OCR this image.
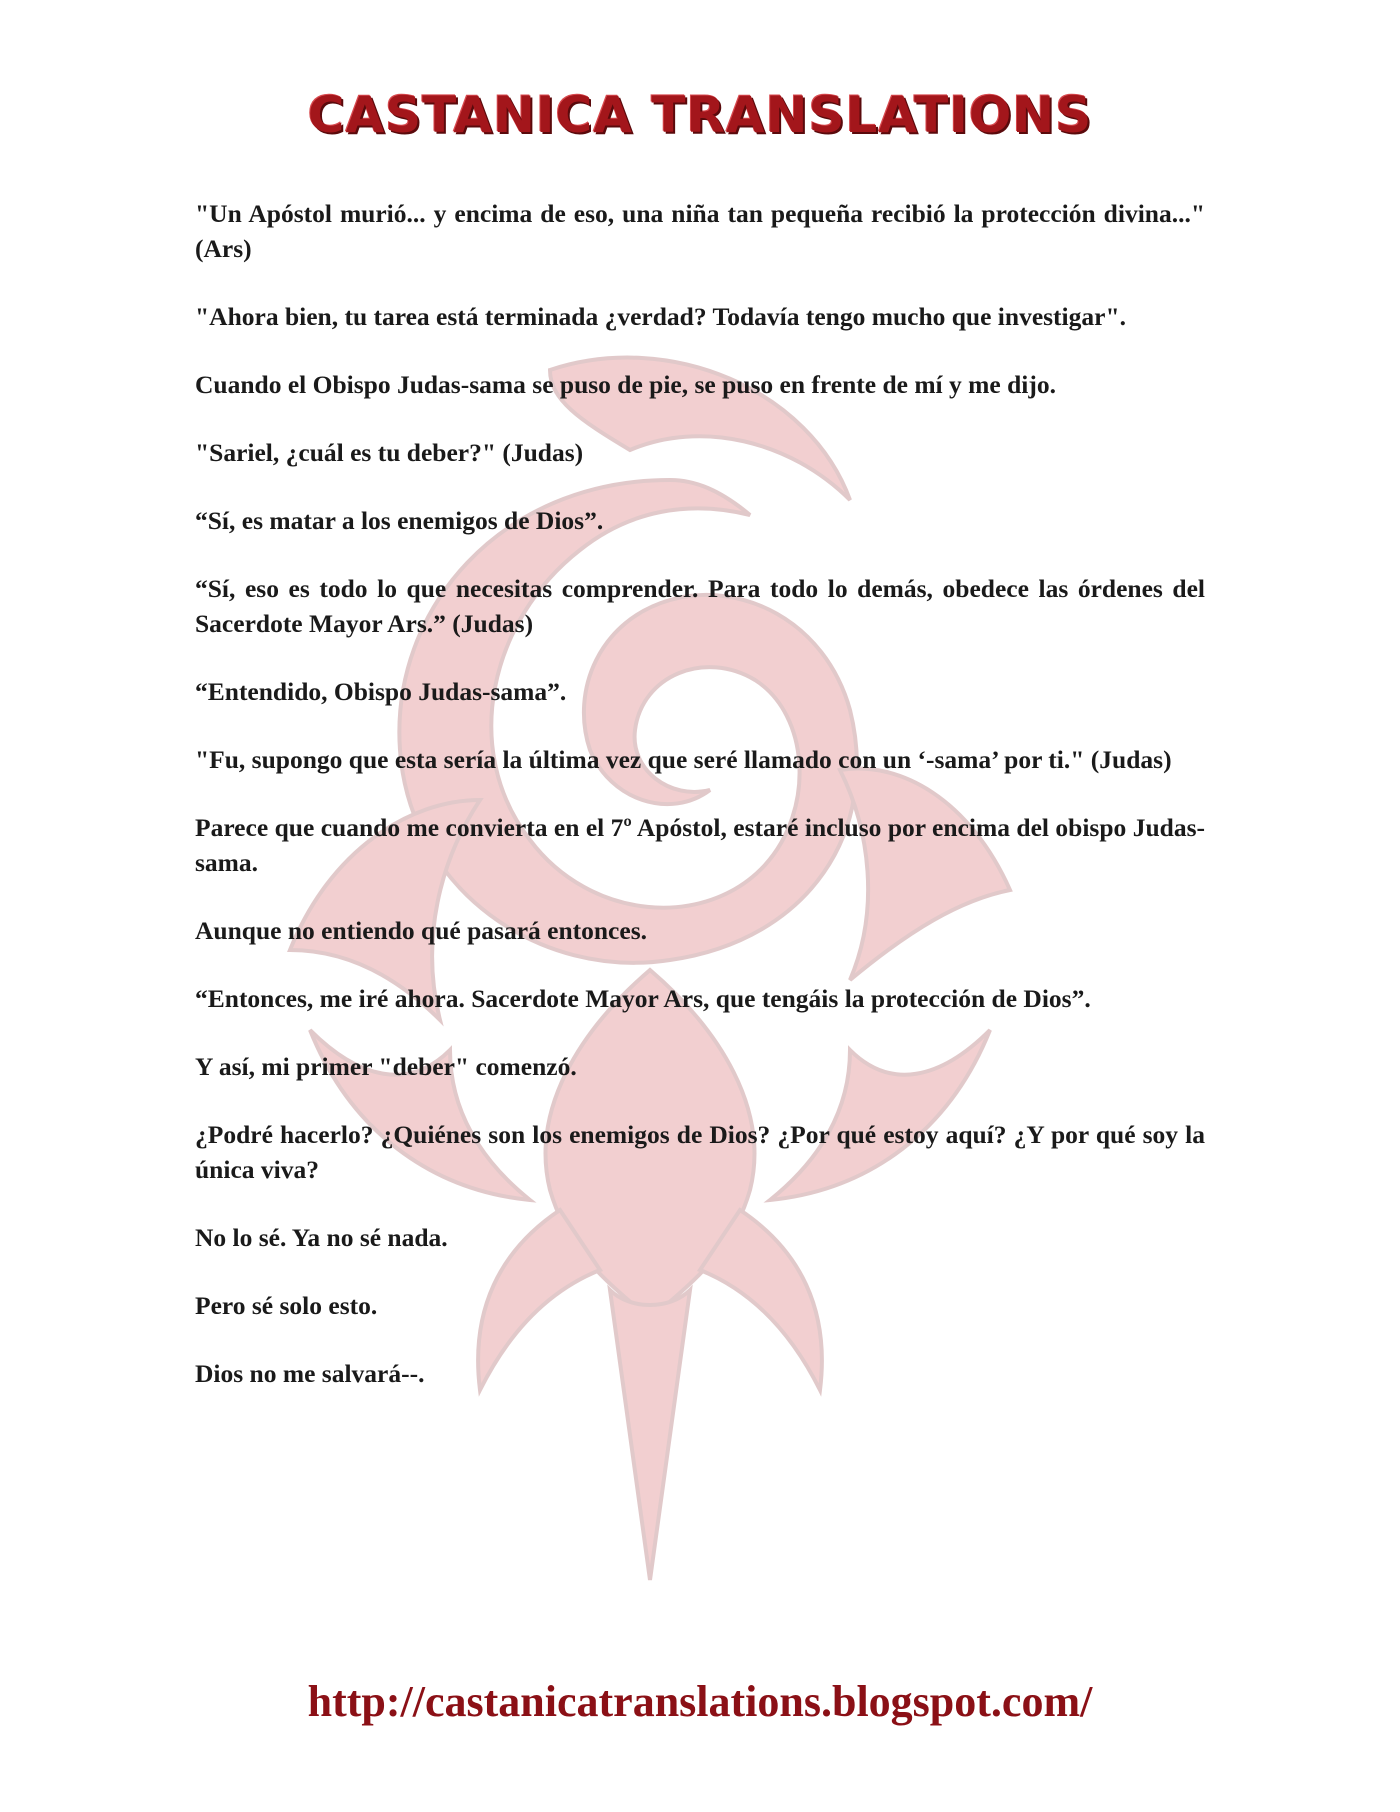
CASTANICA TRANSLATIONS

"Un Apóstol murió... y encima de eso, una niña tan pequeña recibió la protección divina..." (Ars)

"Ahora bien, tu tarea está terminada ¿verdad? Todavía tengo mucho que investigar".

Cuando el Obispo Judas-sama se puso de pie, se puso en frente de mí y me dijo.

"Sariel, ¿cuál es tu deber?" (Judas)

“Sí, es matar a los enemigos de Dios”.

“Sí, eso es todo lo que necesitas comprender. Para todo lo demás, obedece las órdenes del Sacerdote Mayor Ars.” (Judas)

“Entendido, Obispo Judas-sama”.

"Fu, supongo que esta sería la última vez que seré llamado con un ‘-sama’ por ti." (Judas)

Parece que cuando me convierta en el 7º Apóstol, estaré incluso por encima del obispo Judas-sama.

Aunque no entiendo qué pasará entonces.

“Entonces, me iré ahora. Sacerdote Mayor Ars, que tengáis la protección de Dios”.

Y así, mi primer "deber" comenzó.

¿Podré hacerlo? ¿Quiénes son los enemigos de Dios? ¿Por qué estoy aquí? ¿Y por qué soy la única viva?

No lo sé. Ya no sé nada.

Pero sé solo esto.

Dios no me salvará--.

http://castanicatranslations.blogspot.com/
